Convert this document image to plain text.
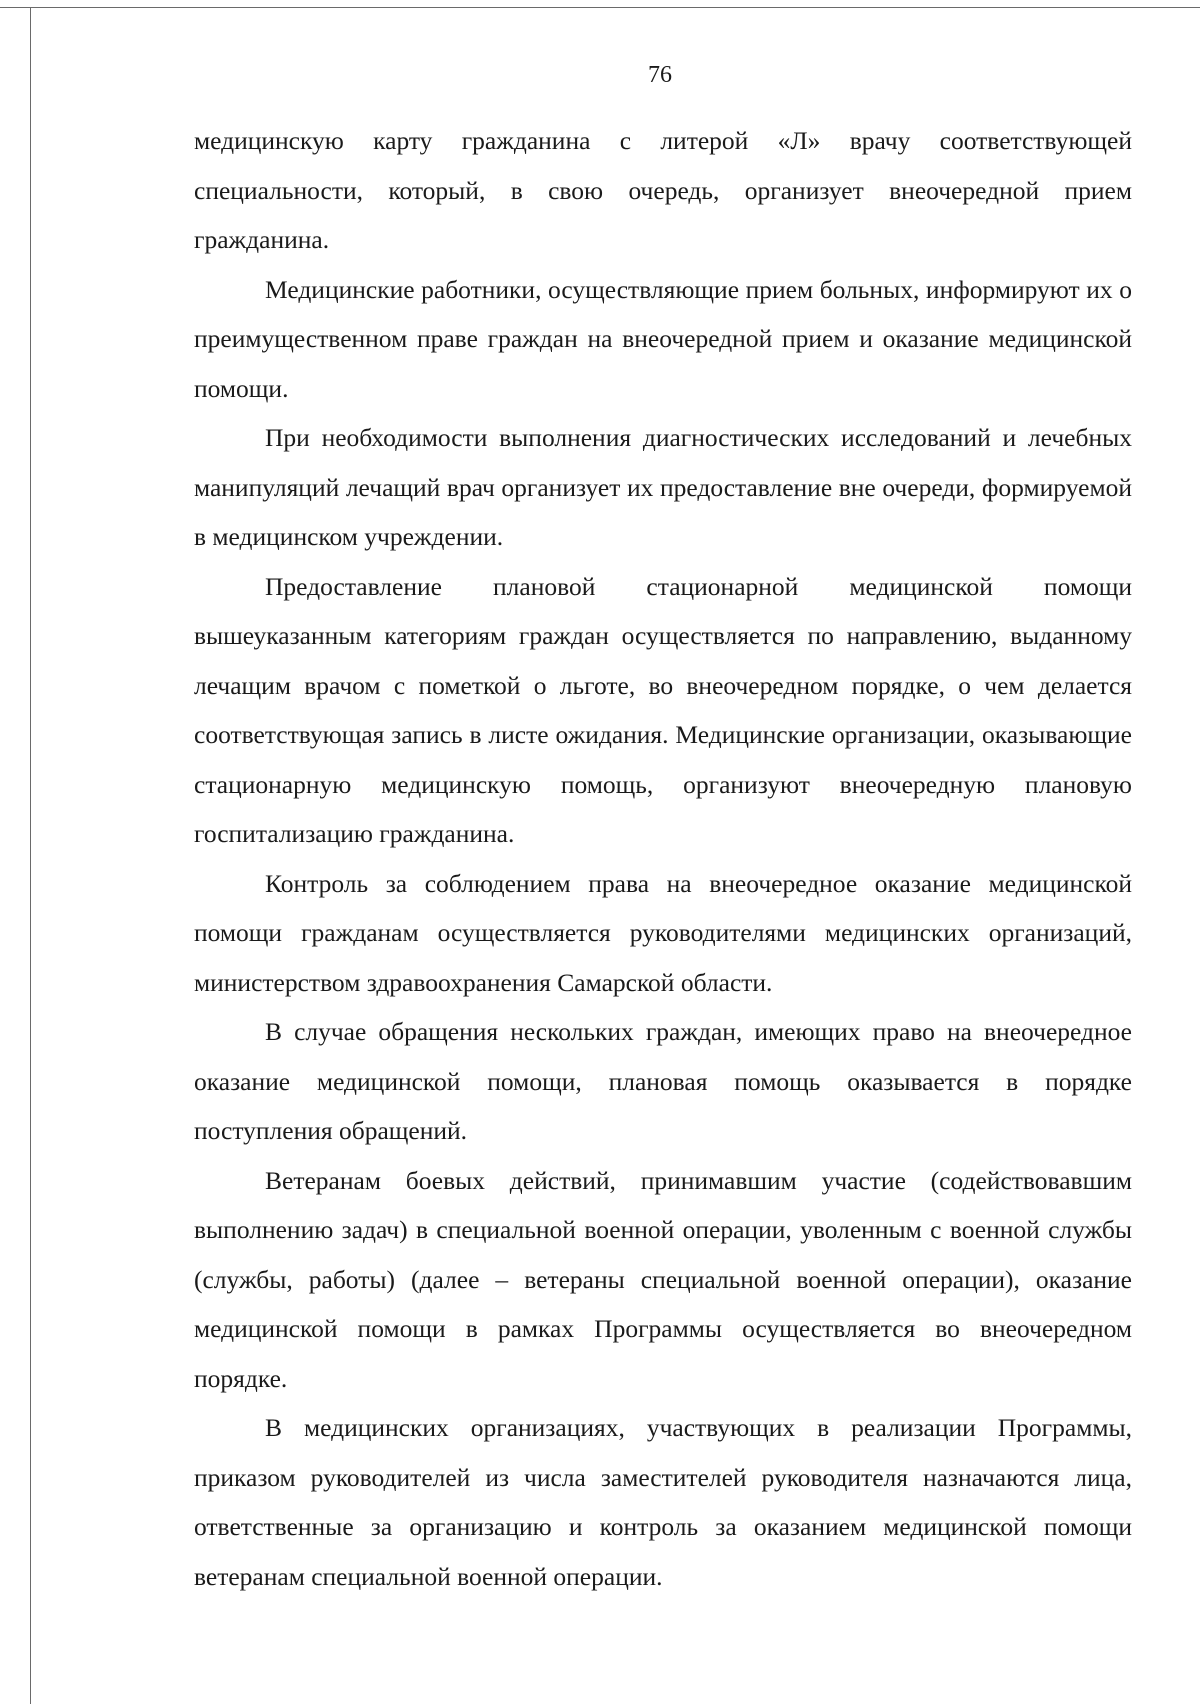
76

медицинскую карту гражданина с литерой «Л» врачу соответствующей специальности, который, в свою очередь, организует внеочередной прием гражданина.

Медицинские работники, осуществляющие прием больных, информируют их о преимущественном праве граждан на внеочередной прием и оказание медицинской помощи.

При необходимости выполнения диагностических исследований и лечебных манипуляций лечащий врач организует их предоставление вне очереди, формируемой в медицинском учреждении.

Предоставление плановой стационарной медицинской помощи вышеуказанным категориям граждан осуществляется по направлению, выданному лечащим врачом с пометкой о льготе, во внеочередном порядке, о чем делается соответствующая запись в листе ожидания. Медицинские организации, оказывающие стационарную медицинскую помощь, организуют внеочередную плановую госпитализацию гражданина.

Контроль за соблюдением права на внеочередное оказание медицинской помощи гражданам осуществляется руководителями медицинских организаций, министерством здравоохранения Самарской области.

В случае обращения нескольких граждан, имеющих право на внеочередное оказание медицинской помощи, плановая помощь оказывается в порядке поступления обращений.

Ветеранам боевых действий, принимавшим участие (содействовавшим выполнению задач) в специальной военной операции, уволенным с военной службы (службы, работы) (далее – ветераны специальной военной операции), оказание медицинской помощи в рамках Программы осуществляется во внеочередном порядке.

В медицинских организациях, участвующих в реализации Программы, приказом руководителей из числа заместителей руководителя назначаются лица, ответственные за организацию и контроль за оказанием медицинской помощи ветеранам специальной военной операции.
